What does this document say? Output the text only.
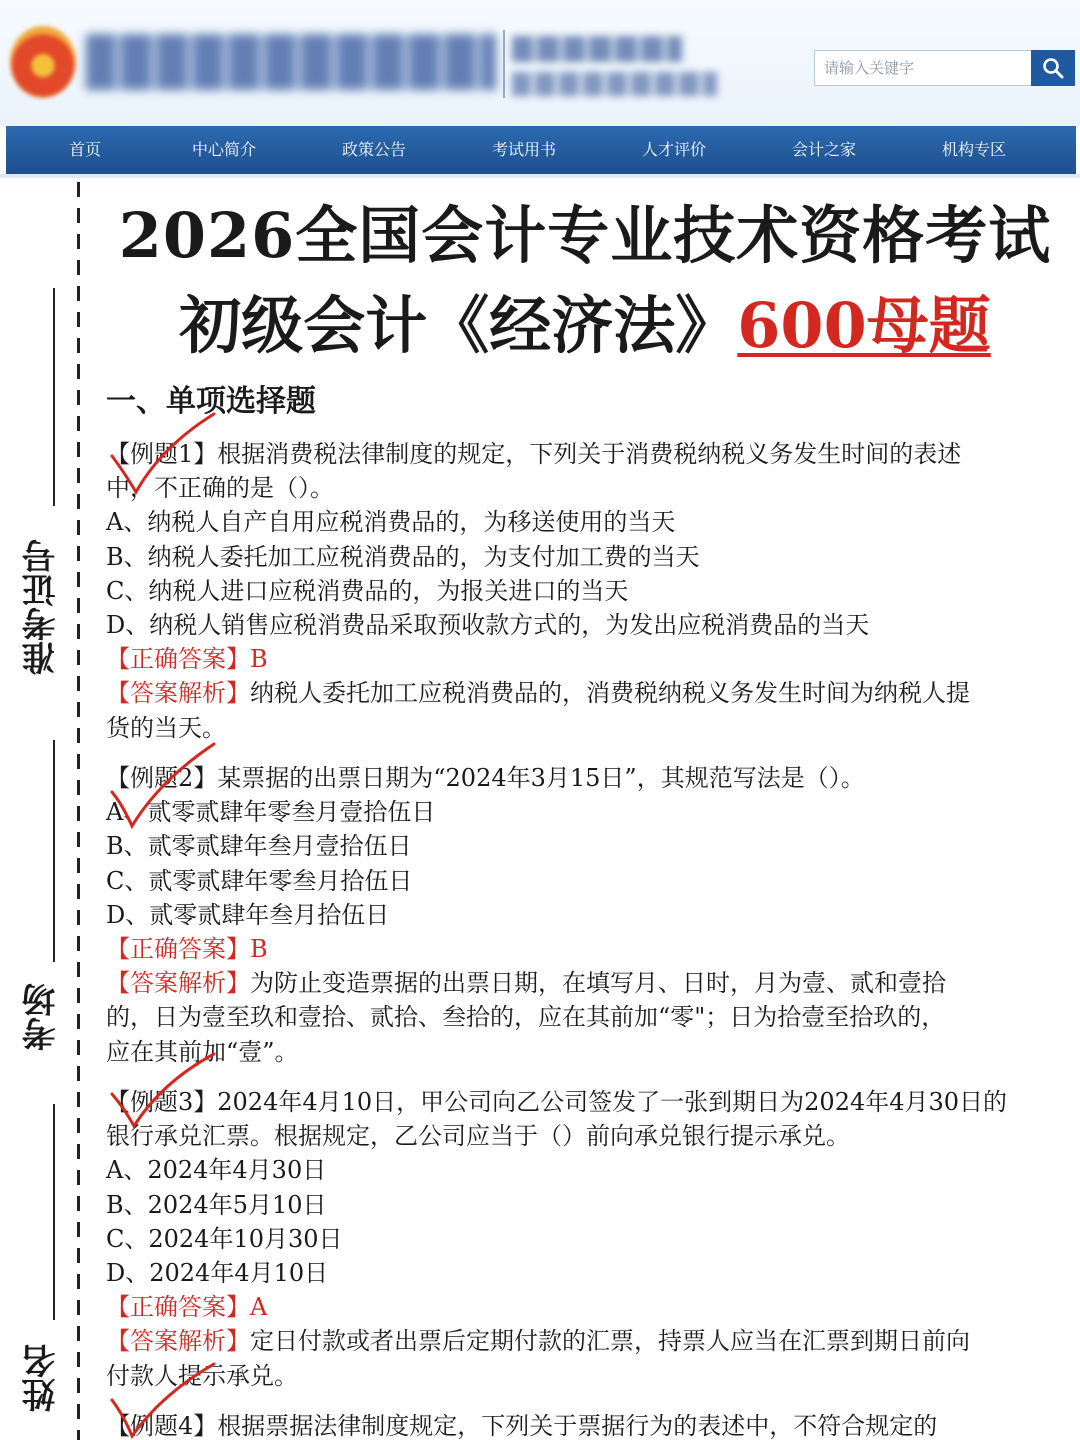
请输入关键字
首页	中心简介	政策公告	考试用书	人才评价	会计之家	机构专区
准考证号
考场
姓名
2026全国会计专业技术资格考试
初级会计《经济法》600母题
一、单项选择题

【例题1】根据消费税法律制度的规定，下列关于消费税纳税义务发生时间的表述

中，不正确的是（）。

A、纳税人自产自用应税消费品的，为移送使用的当天

B、纳税人委托加工应税消费品的，为支付加工费的当天

C、纳税人进口应税消费品的，为报关进口的当天

D、纳税人销售应税消费品采取预收款方式的，为发出应税消费品的当天

【正确答案】B

【答案解析】纳税人委托加工应税消费品的，消费税纳税义务发生时间为纳税人提

货的当天。

【例题2】某票据的出票日期为“2024年3月15日”，其规范写法是（）。

A、贰零贰肆年零叁月壹拾伍日

B、贰零贰肆年叁月壹拾伍日

C、贰零贰肆年零叁月拾伍日

D、贰零贰肆年叁月拾伍日

【正确答案】B

【答案解析】为防止变造票据的出票日期，在填写月、日时，月为壹、贰和壹拾

的，日为壹至玖和壹拾、贰拾、叁拾的，应在其前加“零"；日为拾壹至拾玖的，

应在其前加“壹”。

【例题3】2024年4月10日，甲公司向乙公司签发了一张到期日为2024年4月30日的

银行承兑汇票。根据规定，乙公司应当于（）前向承兑银行提示承兑。

A、2024年4月30日

B、2024年5月10日

C、2024年10月30日

D、2024年4月10日

【正确答案】A

【答案解析】定日付款或者出票后定期付款的汇票，持票人应当在汇票到期日前向

付款人提示承兑。

【例题4】根据票据法律制度规定，下列关于票据行为的表述中，不符合规定的
